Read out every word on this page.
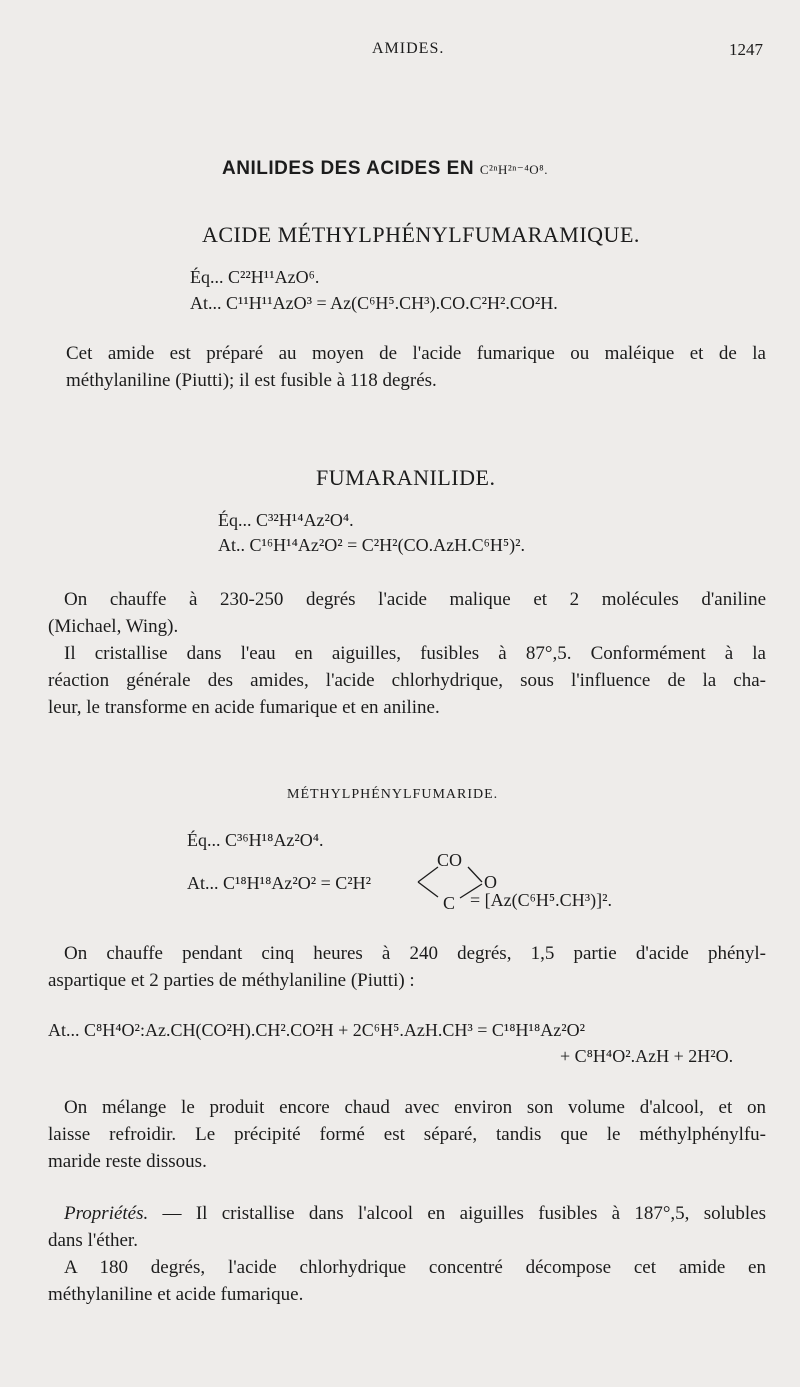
AMIDES.	1247
ANILIDES DES ACIDES EN C²ⁿH²ⁿ⁻⁴O⁸.
ACIDE MÉTHYLPHÉNYLFUMARAMIQUE.
Éq... C²²H¹¹AzO⁶.
At... C¹¹H¹¹AzO³ = Az(C⁶H⁵.CH³).CO.C²H².CO²H.
Cet amide est préparé au moyen de l'acide fumarique ou maléique et de la
méthylaniline (Piutti); il est fusible à 118 degrés.
FUMARANILIDE.
Éq... C³²H¹⁴Az²O⁴.
At.. C¹⁶H¹⁴Az²O² = C²H²(CO.AzH.C⁶H⁵)².
On chauffe à 230-250 degrés l'acide malique et 2 molécules d'aniline
(Michael, Wing).
Il cristallise dans l'eau en aiguilles, fusibles à 87°,5. Conformément à la
réaction générale des amides, l'acide chlorhydrique, sous l'influence de la cha-
leur, le transforme en acide fumarique et en aniline.
MÉTHYLPHÉNYLFUMARIDE.
Éq... C³⁶H¹⁸Az²O⁴.
At... C¹⁸H¹⁸Az²O² = C²H²
CO
C
O
= [Az(C⁶H⁵.CH³)]².
On chauffe pendant cinq heures à 240 degrés, 1,5 partie d'acide phényl-
aspartique et 2 parties de méthylaniline (Piutti) :
At... C⁸H⁴O²:Az.CH(CO²H).CH².CO²H + 2C⁶H⁵.AzH.CH³ = C¹⁸H¹⁸Az²O²
+ C⁸H⁴O².AzH + 2H²O.
On mélange le produit encore chaud avec environ son volume d'alcool, et on
laisse refroidir. Le précipité formé est séparé, tandis que le méthylphénylfu-
maride reste dissous.
Propriétés. — Il cristallise dans l'alcool en aiguilles fusibles à 187°,5, solubles
dans l'éther.
A 180 degrés, l'acide chlorhydrique concentré décompose cet amide en
méthylaniline et acide fumarique.
